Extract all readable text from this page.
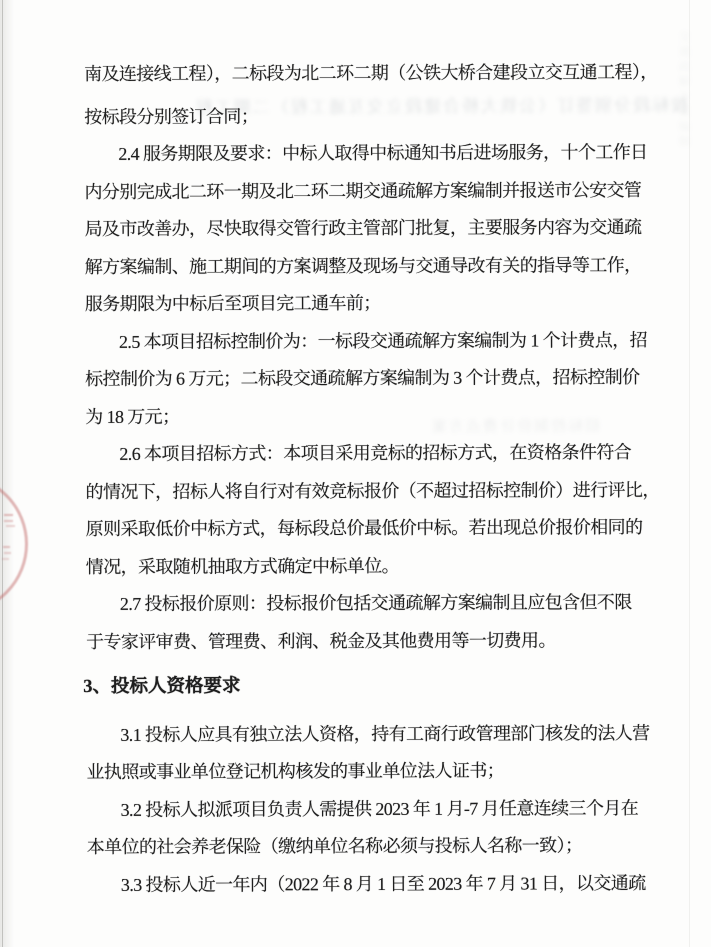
按标段分别签订（公铁大桥合建段立交互通工程）二期工程
招标控制价计费点方案
交通疏解方案编制
南及连接线工程），二标段为北二环二期（公铁大桥合建段立交互通工程），
按标段分别签订合同；
2.4 服务期限及要求：中标人取得中标通知书后进场服务，十个工作日
内分别完成北二环一期及北二环二期交通疏解方案编制并报送市公安交管
局及市改善办，尽快取得交管行政主管部门批复，主要服务内容为交通疏
解方案编制、施工期间的方案调整及现场与交通导改有关的指导等工作，
服务期限为中标后至项目完工通车前；
2.5 本项目招标控制价为：一标段交通疏解方案编制为 1 个计费点，招
标控制价为 6 万元；二标段交通疏解方案编制为 3 个计费点，招标控制价
为 18 万元；
2.6 本项目招标方式：本项目采用竞标的招标方式，在资格条件符合
的情况下，招标人将自行对有效竞标报价（不超过招标控制价）进行评比，
原则采取低价中标方式，每标段总价最低价中标。若出现总价报价相同的
情况，采取随机抽取方式确定中标单位。
2.7 投标报价原则：投标报价包括交通疏解方案编制且应包含但不限
于专家评审费、管理费、利润、税金及其他费用等一切费用。
3、投标人资格要求
3.1 投标人应具有独立法人资格，持有工商行政管理部门核发的法人营
业执照或事业单位登记机构核发的事业单位法人证书；
3.2 投标人拟派项目负责人需提供 2023 年 1 月-7 月任意连续三个月在
本单位的社会养老保险（缴纳单位名称必须与投标人名称一致）；
3.3 投标人近一年内（2022 年 8 月 1 日至 2023 年 7 月 31 日，以交通疏
